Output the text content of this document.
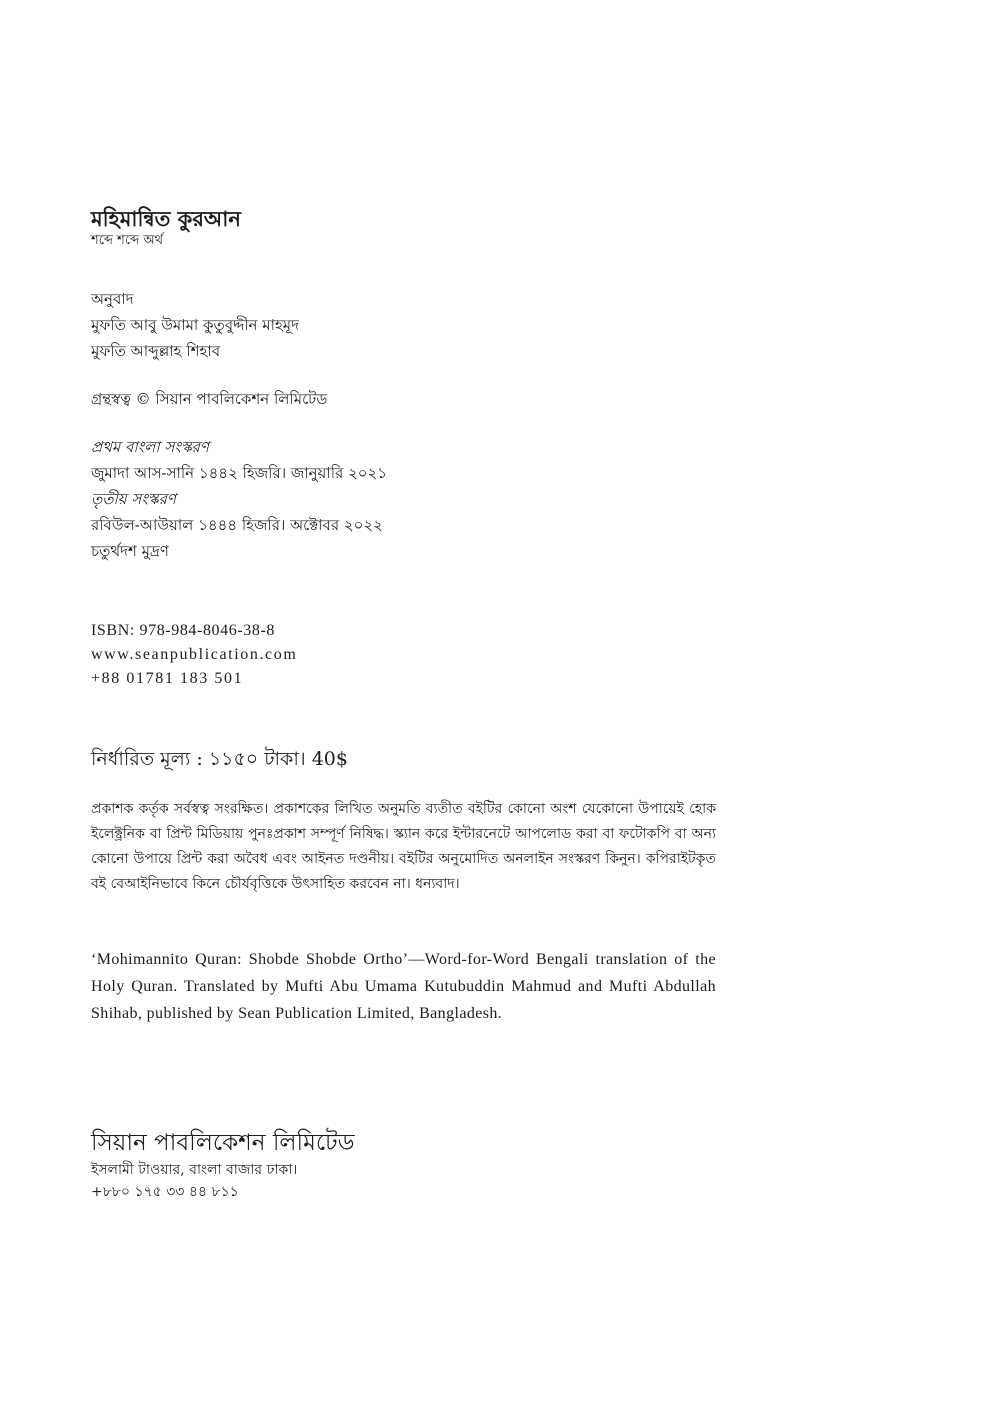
মহিমান্বিত কুরআন
শব্দে শব্দে অর্থ
অনুবাদ
মুফতি আবু উমামা কুতুবুদ্দীন মাহমূদ
মুফতি আব্দুল্লাহ শিহাব
গ্রন্থস্বত্ব © সিয়ান পাবলিকেশন লিমিটেড
প্রথম বাংলা সংস্করণ
জুমাদা আস-সানি ১৪৪২ হিজরি। জানুয়ারি ২০২১
তৃতীয় সংস্করণ
রবিউল-আউয়াল ১৪৪৪ হিজরি। অক্টোবর ২০২২
চতুর্থদশ মুদ্রণ
ISBN: 978-984-8046-38-8
www.seanpublication.com
+88 01781 183 501
নির্ধারিত মূল্য : ১১৫০ টাকা। 40$
প্রকাশক কর্তৃক সর্বস্বত্ব সংরক্ষিত। প্রকাশকের লিখিত অনুমতি ব্যতীত বইটির কোনো অংশ যেকোনো উপায়েই হোক ইলেক্ট্রনিক বা প্রিন্ট মিডিয়ায় পুনঃপ্রকাশ সম্পূর্ণ নিষিদ্ধ। স্ক্যান করে ইন্টারনেটে আপলোড করা বা ফটোকপি বা অন্য কোনো উপায়ে প্রিন্ট করা অবৈধ এবং আইনত দণ্ডনীয়। বইটির অনুমোদিত অনলাইন সংস্করণ কিনুন। কপিরাইটকৃত বই বেআইনিভাবে কিনে চৌর্যবৃত্তিকে উৎসাহিত করবেন না। ধন্যবাদ।
‘Mohimannito Quran: Shobde Shobde Ortho’—Word-for-Word Bengali translation of the Holy Quran. Translated by Mufti Abu Umama Kutubuddin Mahmud and Mufti Abdullah Shihab, published by Sean Publication Limited, Bangladesh.
সিয়ান পাবলিকেশন লিমিটেড
ইসলামী টাওয়ার, বাংলা বাজার ঢাকা।
+৮৮০ ১৭৫ ৩৩ ৪৪ ৮১১
